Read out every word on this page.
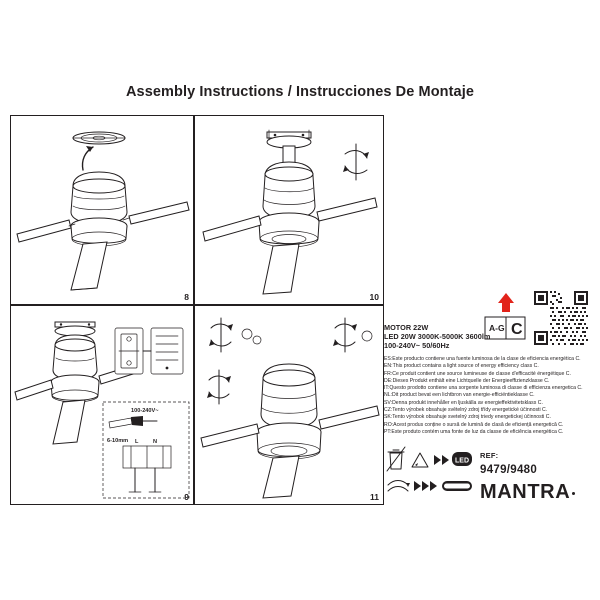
Assembly Instructions / Instrucciones De Montaje
8	10
6-10mm
100-240V~
L	N
9	11
A-G C
MOTOR 22W
LED 20W 3000K-5000K 3600lm
100-240V~ 50/60Hz
ES:Este producto contiene una fuente luminosa de la clase de eficiencia energética C.
EN:This product contains a light source of energy efficiency class C.
FR:Ce produit contient une source lumineuse de classe d'efficacité énergétique C.
DE:Dieses Produkt enthält eine Lichtquelle der Energieeffizienzklasse C.
IT:Questo prodotto contiene una sorgente luminosa di classe di efficienza energetica C.
NL:Dit product bevat een lichtbron van energie-efficiëntieklasse C.
SV:Denna produkt innehåller en ljuskälla av energieffektivitetsklass C.
CZ:Tento výrobek obsahuje světelný zdroj třídy energetické účinnosti C.
SK:Tento výrobok obsahuje svetelný zdroj triedy energetickej účinnosti C.
RO:Acest produs conține o sursă de lumină de clasă de eficiență energetică C.
PT:Este produto contém uma fonte de luz da classe de eficiência energética C.
LED
REF:
9479/9480
MANTRA
